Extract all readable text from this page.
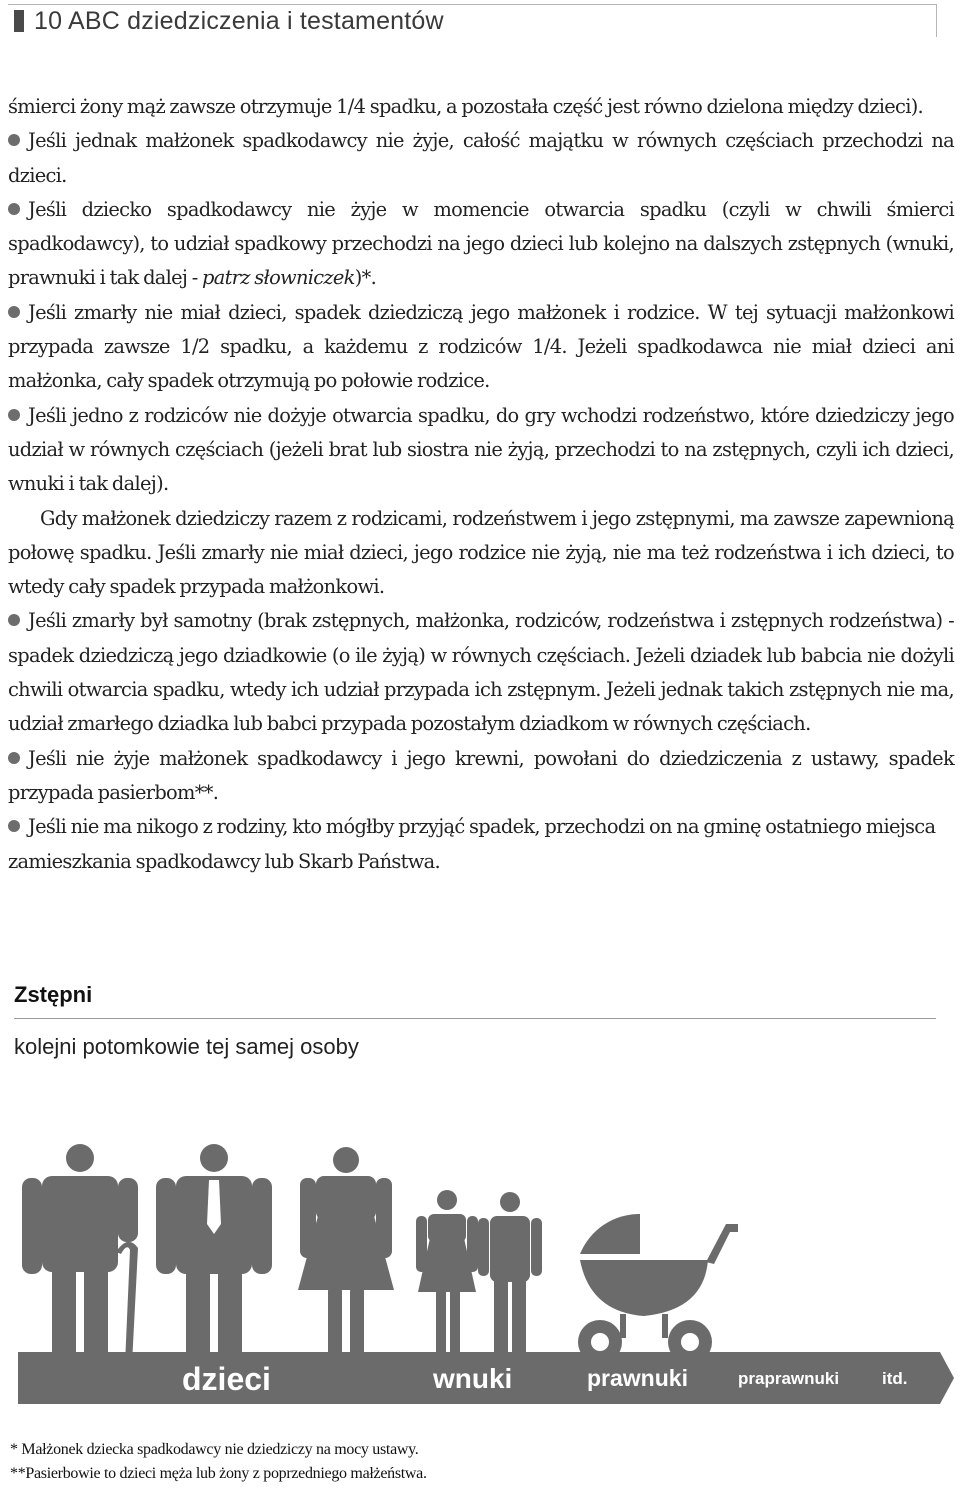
10 ABC dziedziczenia i testamentów

śmierci żony mąż zawsze otrzymuje 1/4 spadku, a pozostała część jest równo dzielona między dzieci).

Jeśli jednak małżonek spadkodawcy nie żyje, całość majątku w równych częściach przechodzi na dzieci.

Jeśli dziecko spadkodawcy nie żyje w momencie otwarcia spadku (czyli w chwili śmierci spadkodawcy), to udział spadkowy przechodzi na jego dzieci lub kolejno na dalszych zstępnych (wnuki, prawnuki i tak dalej - patrz słowniczek)*.

Jeśli zmarły nie miał dzieci, spadek dziedziczą jego małżonek i rodzice. W tej sytuacji małżonkowi przypada zawsze 1/2 spadku, a każdemu z rodziców 1/4. Jeżeli spadkodawca nie miał dzieci ani małżonka, cały spadek otrzymują po połowie rodzice.

Jeśli jedno z rodziców nie dożyje otwarcia spadku, do gry wchodzi rodzeństwo, które dziedziczy jego udział w równych częściach (jeżeli brat lub siostra nie żyją, przechodzi to na zstępnych, czyli ich dzieci, wnuki i tak dalej).

Gdy małżonek dziedziczy razem z rodzicami, rodzeństwem i jego zstępnymi, ma zawsze zapewnioną połowę spadku. Jeśli zmarły nie miał dzieci, jego rodzice nie żyją, nie ma też rodzeństwa i ich dzieci, to wtedy cały spadek przypada małżonkowi.

Jeśli zmarły był samotny (brak zstępnych, małżonka, rodziców, rodzeństwa i zstępnych rodzeństwa) - spadek dziedziczą jego dziadkowie (o ile żyją) w równych częściach. Jeżeli dziadek lub babcia nie dożyli chwili otwarcia spadku, wtedy ich udział przypada ich zstępnym. Jeżeli jednak takich zstępnych nie ma, udział zmarłego dziadka lub babci przypada pozostałym dziadkom w równych częściach.

Jeśli nie żyje małżonek spadkodawcy i jego krewni, powołani do dziedziczenia z ustawy, spadek przypada pasierbom**.

Jeśli nie ma nikogo z rodziny, kto mógłby przyjąć spadek, przechodzi on na gminę ostatniego miejsca zamieszkania spadkodawcy lub Skarb Państwa.

Zstępni
kolejni potomkowie tej samej osoby
dzieci	wnuki	prawnuki	praprawnuki	itd.

* Małżonek dziecka spadkodawcy nie dziedziczy na mocy ustawy.

**Pasierbowie to dzieci męża lub żony z poprzedniego małżeństwa.
